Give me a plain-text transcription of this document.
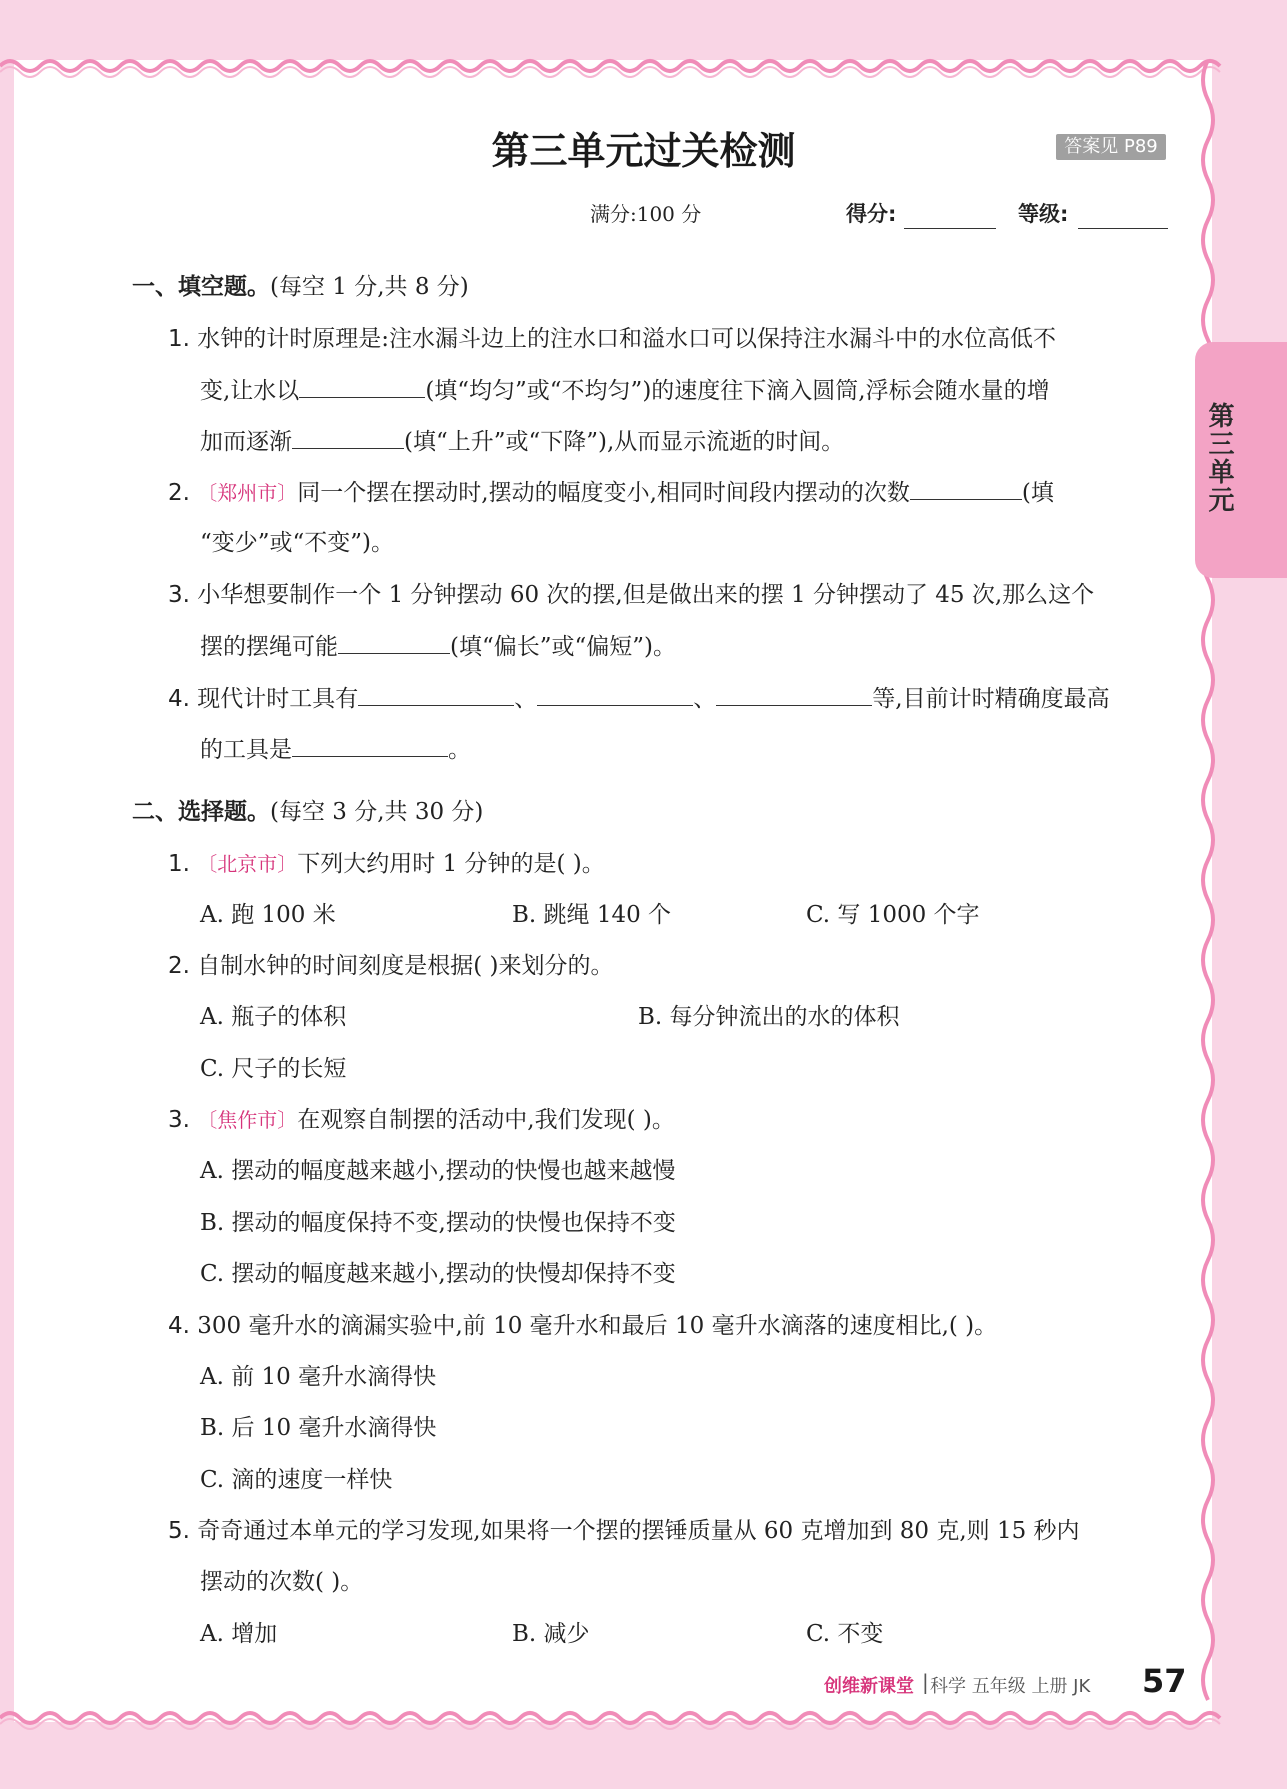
第三单元过关检测	答案见 P89
满分:100 分	得分:	等级:
第三单元
一、填空题。(每空 1 分,共 8 分)
1. 水钟的计时原理是:注水漏斗边上的注水口和溢水口可以保持注水漏斗中的水位高低不
变,让水以	(填“均匀”或“不均匀”)的速度往下滴入圆筒,浮标会随水量的增
加而逐渐	(填“上升”或“下降”),从而显示流逝的时间。
2. 〔郑州市〕同一个摆在摆动时,摆动的幅度变小,相同时间段内摆动的次数	(填
“变少”或“不变”)。
3. 小华想要制作一个 1 分钟摆动 60 次的摆,但是做出来的摆 1 分钟摆动了 45 次,那么这个
摆的摆绳可能	(填“偏长”或“偏短”)。
4. 现代计时工具有	、	、	等,目前计时精确度最高
的工具是	。
二、选择题。(每空 3 分,共 30 分)
1. 〔北京市〕下列大约用时 1 分钟的是( )。
A. 跑 100 米	B. 跳绳 140 个	C. 写 1000 个字
2. 自制水钟的时间刻度是根据( )来划分的。
A. 瓶子的体积	B. 每分钟流出的水的体积
C. 尺子的长短
3. 〔焦作市〕在观察自制摆的活动中,我们发现( )。
A. 摆动的幅度越来越小,摆动的快慢也越来越慢
B. 摆动的幅度保持不变,摆动的快慢也保持不变
C. 摆动的幅度越来越小,摆动的快慢却保持不变
4. 300 毫升水的滴漏实验中,前 10 毫升水和最后 10 毫升水滴落的速度相比,( )。
A. 前 10 毫升水滴得快
B. 后 10 毫升水滴得快
C. 滴的速度一样快
5. 奇奇通过本单元的学习发现,如果将一个摆的摆锤质量从 60 克增加到 80 克,则 15 秒内
摆动的次数( )。
A. 增加	B. 减少	C. 不变
创维新课堂 | 科学 五年级 上册 JK 57
